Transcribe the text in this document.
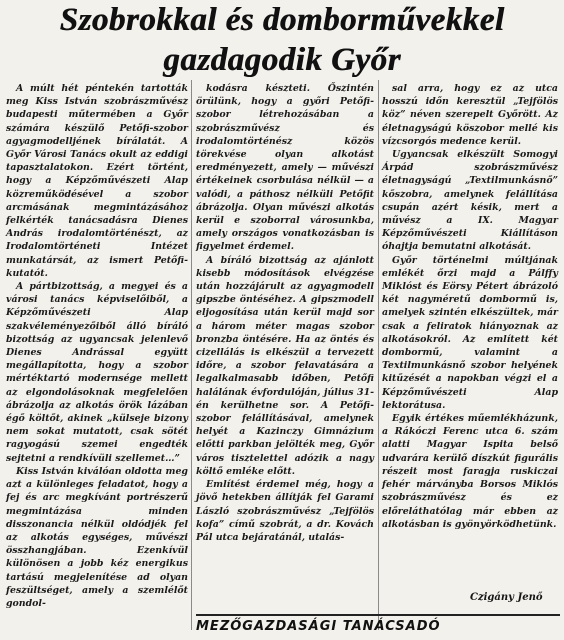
Szobrokkal és domborművekkel
gazdagodik Győr

A múlt hét péntekén tartották meg Kiss István szobrászművész budapesti műtermében a Győr számára készülő Petőfi-szobor agyagmodelljének bírálatát. A Győr Városi Tanács okult az eddigi tapasztalatokon. Ezért történt, hogy a Képzőművészeti Alap közreműködésével a szobor arcmásának megmintázásához felkérték tanácsadásra Dienes András irodalomtörténészt, az Irodalomtörténeti Intézet munkatársát, az ismert Petőfi-kutatót.

A pártbizottság, a megyei és a városi tanács képviselőiből, a Képzőművészeti Alap szakvéleményezőiből álló bíráló bizottság az ugyancsak jelenlevő Dienes Andrással együtt megállapította, hogy a szobor mértéktartó modernsége mellett az elgondolásoknak megfelelően ábrázolja az alkotás örök lázában égő költőt, akinek „külseje bizony nem sokat mutatott, csak sötét ragyogású szemei engedték sejtetni a rendkívüli szellemet…”

Kiss István kiválóan oldotta meg azt a különleges feladatot, hogy a fej és arc megkívánt portrészerű megmintázása minden disszonancia nélkül oldódjék fel az alkotás egységes, művészi összhangjában. Ezenkívül különösen a jobb kéz energikus tartású megjelenítése ad olyan feszültséget, amely a szemlélőt gondol-

kodásra készteti. Őszintén örülünk, hogy a győri Petőfi-szobor létrehozásában a szobrászművész és irodalomtörténész közös törekvése olyan alkotást eredményezett, amely — művészi értékeinek csorbulása nélkül — a valódi, a páthosz nélküli Petőfit ábrázolja. Olyan művészi alkotás kerül e szoborral városunkba, amely országos vonatkozásban is figyelmet érdemel.

A bíráló bizottság az ajánlott kisebb módosítások elvégzése után hozzájárult az agyagmodell gipszbe öntéséhez. A gipszmodell eljogosítása után kerül majd sor a három méter magas szobor bronzba öntésére. Ha az öntés és cizellálás is elkészül a tervezett időre, a szobor felavatására a legalkalmasabb időben, Petőfi halálának évfordulóján, július 31-én kerülhetne sor. A Petőfi-szobor felállításával, amelynek helyét a Kazinczy Gimnázium előtti parkban jelölték meg, Győr város tisztelettel adózik a nagy költő emléke előtt.

Említést érdemel még, hogy a jövő hetekben állítják fel Garami László szobrászművész „Tejfölös kofa” című szobrát, a dr. Kovách Pál utca bejáratánál, utalás-

sal arra, hogy ez az utca hosszú időn keresztül „Tejfölös köz” néven szerepelt Győrött. Az életnagyságú köszobor mellé kis vízcsorgós medence kerül.

Ugyancsak elkészült Somogyi Árpád szobrászművész életnagyságú „Textilmunkásnő” kőszobra, amelynek felállítása csupán azért késik, mert a művész a IX. Magyar Képzőművészeti Kiállításon óhajtja bemutatni alkotását.

Győr történelmi múltjának emlékét őrzi majd a Pálffy Miklóst és Eörsy Pétert ábrázoló két nagyméretű dombormű is, amelyek szintén elkészültek, már csak a feliratok hiányoznak az alkotásokról. Az említett két dombormű, valamint a Textilmunkásnő szobor helyének kitűzését a napokban végzi el a Képzőművészeti Alap lektorátusa.

Egyik értékes műemlékházunk, a Rákóczi Ferenc utca 6. szám alatti Magyar Ispita belső udvarára kerülő díszkút figurális részeit most faragja ruskiczai fehér márványba Borsos Miklós szobrászművész és ez előreláthatólag már ebben az alkotásban is gyönyörködhetünk.

Czigány Jenő
MEZŐGAZDASÁGI TANÁCSADÓ
